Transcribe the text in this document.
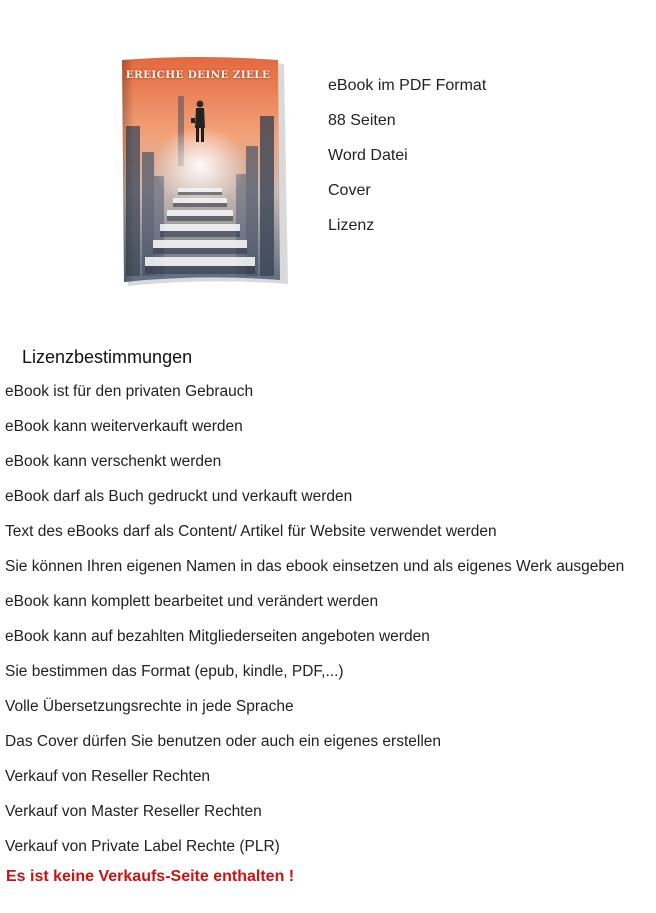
EREICHE DEINE ZIELE
eBook im PDF Format
88 Seiten
Word Datei
Cover
Lizenz
Lizenzbestimmungen
eBook ist für den privaten Gebrauch
eBook kann weiterverkauft werden
eBook kann verschenkt werden
eBook darf als Buch gedruckt und verkauft werden
Text des eBooks darf als Content/ Artikel für Website verwendet werden
Sie können Ihren eigenen Namen in das ebook einsetzen und als eigenes Werk ausgeben
eBook kann komplett bearbeitet und verändert werden
eBook kann auf bezahlten Mitgliederseiten angeboten werden
Sie bestimmen das Format (epub, kindle, PDF,...)
Volle Übersetzungsrechte in jede Sprache
Das Cover dürfen Sie benutzen oder auch ein eigenes erstellen
Verkauf von Reseller Rechten
Verkauf von Master Reseller Rechten
Verkauf von Private Label Rechte (PLR)

Es ist keine Verkaufs-Seite enthalten !
